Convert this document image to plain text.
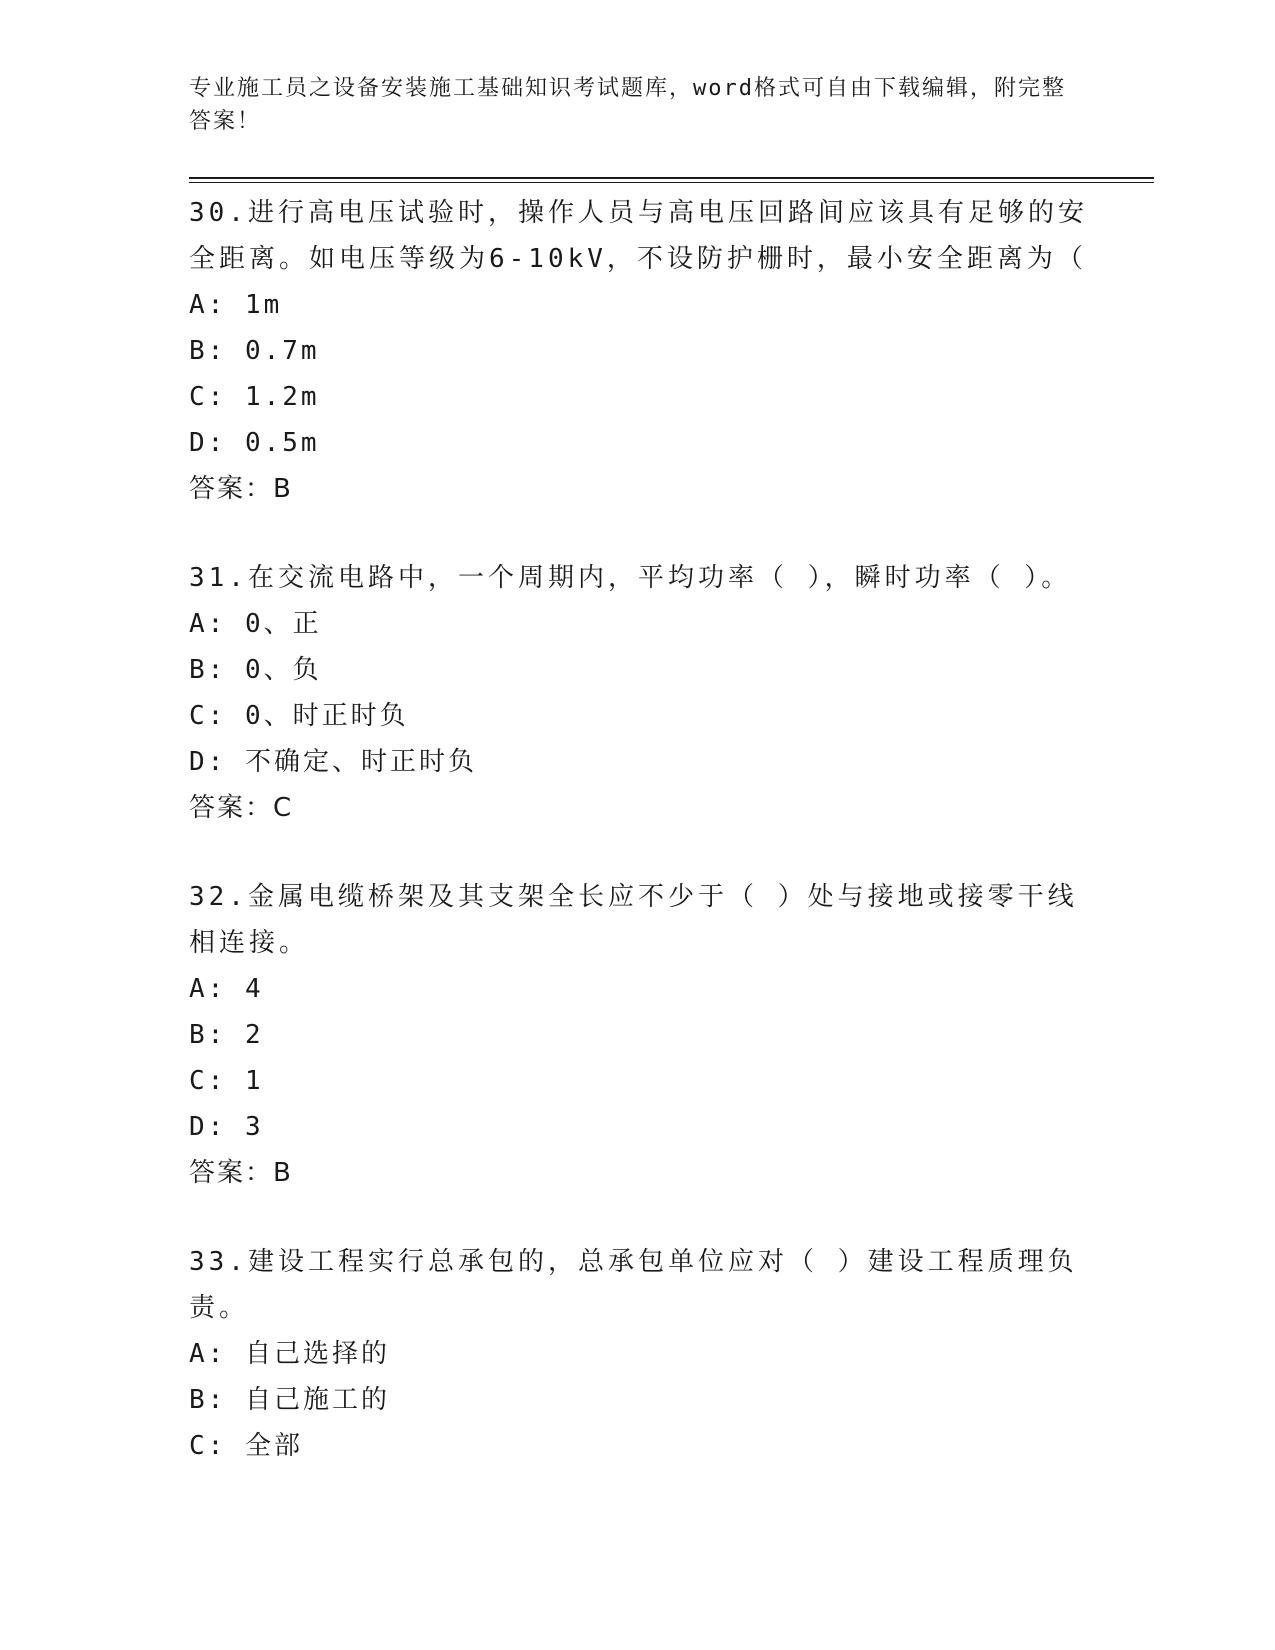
专业施工员之设备安装施工基础知识考试题库，word格式可自由下载编辑，附完整答案！

30.进行高电压试验时，操作人员与高电压回路间应该具有足够的安全距离。如电压等级为6-10kV，不设防护栅时，最小安全距离为（

A: 1m

B: 0.7m

C: 1.2m

D: 0.5m

答案：B

31.在交流电路中，一个周期内，平均功率（ ），瞬时功率（ ）。

A: 0、正

B: 0、负

C: 0、时正时负

D: 不确定、时正时负

答案：C

32.金属电缆桥架及其支架全长应不少于（ ）处与接地或接零干线相连接。

A: 4

B: 2

C: 1

D: 3

答案：B

33.建设工程实行总承包的，总承包单位应对（ ）建设工程质理负责。

A: 自己选择的

B: 自己施工的

C: 全部
